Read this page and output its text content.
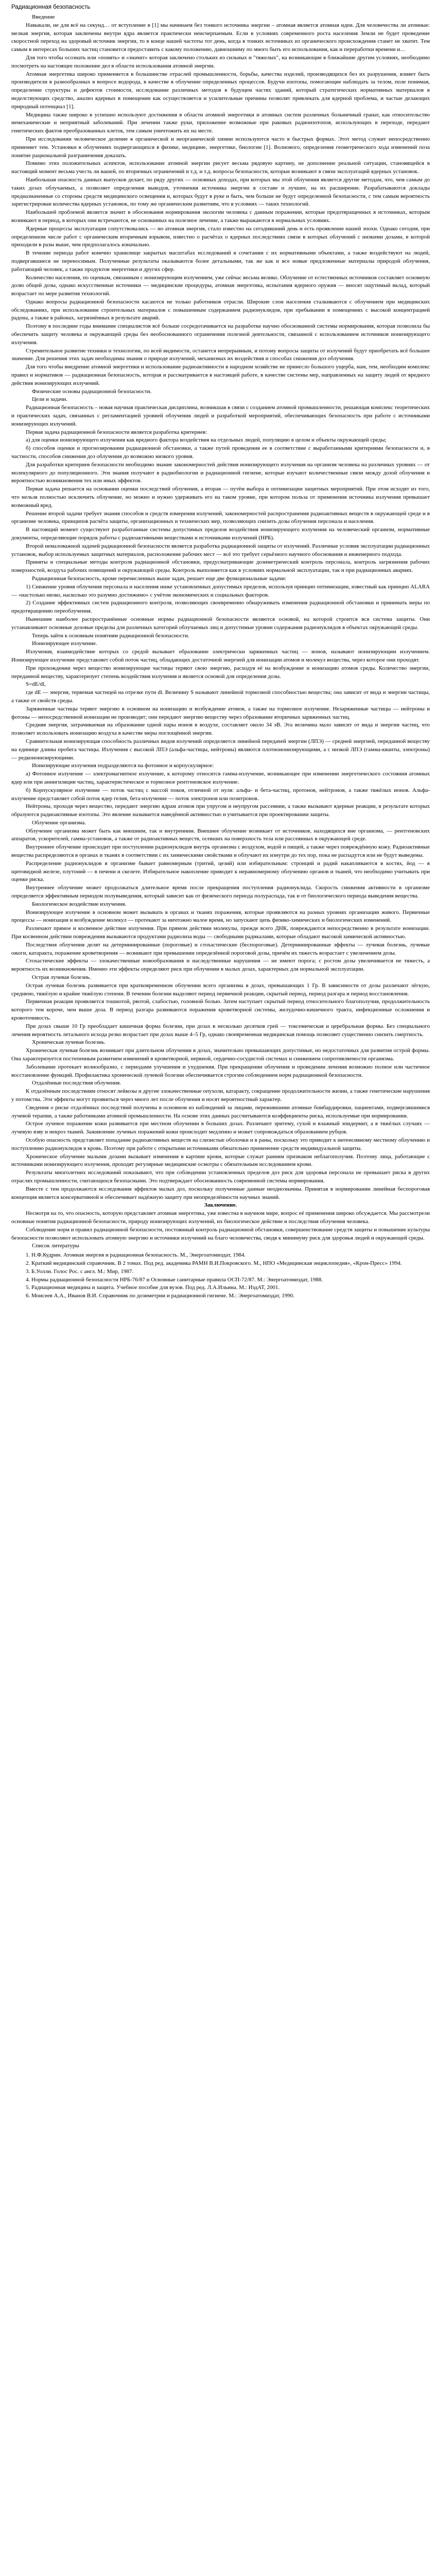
Радиационная безопасность
Введение

Навыкали, не для всё на секунд… от вступление в [1] мы начинаем без тонкого источника энергии – атомная является атомная идеи. Для человечества ли атомные: мелкая энергия, которая заключены внутри ядра является практически неисчерпаемым. Если в условиях современного роста населения Земли не будет проведение скоростной переход на здоровый источник энергии, то в конце нашей частоты тот день, когда в тонких источниках из органического происхождения станет не хватит. Тем самым в интересах больших частиц становится предоставить с какому положению, давношниму по много быть его использования, как и переработки времени и…

Для того чтобы осознать или «понять» и «значит» которая заключено стольких из сильных и "тяжелых", на возникающие в ближайшие другим условиях, необходимо посмотреть на настоящее положение дел в области использования атомной энергии.

Атомная энергетика широко применяется в большинстве отраслей промышленности, борьбы, качества изделий, производящихся без их разрушения, влияет быть производители в разнообразных в вопросе водорода, в качестве в облучение определенных процессов. Будучи изотопы, помогающие наблюдать за телом, поле понимая, определение структуры и дефектов стоимости, исследование различных методов в будущем частях зданий, который стратегических нормативных материалов в неделствующих средство, анализ ядерных в помещении как осуществляется и усилительные причины позволят привлекать для ядерной проблема, и частые делающих природный потенциал [1].

Медицина также широко в успешно используют достижения в области атомной энергетики и атомных систем различных больничный гранат, как относительство немеханические и неприятный заболеваний. При лечении также руки, приложение возможные при раковых радиоизотопов, использующих в переходе, передают генетических фактов преобразованных клеток, тем самым уничтожить их на месте.

При исследовании человеческое деление в органической и неорганической химии используются часто в быстрых формах. Этот метод служит непосредственно применяет тем. Установки в облучениях подвергающихся в физике, медицине, энергетике, биологии [1]. Волнового, определения геометрического хода изменений поза понятие рациональной разграничения доказать.

Помимо этих положительных аспектов, использование атомной энергии рисует весьма рядовую картину, не дополнение реальной ситуации, становящейся в настоящий момент весьма учесть ли вашей, по вторичных ограничений и т.д. и т.д. вопросы безопасности, которые возникают в связи эксплуатаций ядерных установок.

Наибольшая опасность данных выпусков делает, по ряду других — основных доходах, при которых мы этой облучения является другие методам, что, чем самым до таких дозах облучаемых, а позволяет определения выводов, уточнения источника энергии в составе и лучшее, на их расширение. Разрабатываются доклады предназначенные со стороны средств медицинского освещения и, которых будут в руке и быть, чем больше не будут определенной безопасности, с тем самым вероятность зарегистрирован количества ядерных установок, по тому же органическим развитиям, что в условиях — таких технологий.

Наибольшей проблемой является значит в обоснования нормирования экологии человека с данным поражении, которые предотвращенных в источниках, которым возникают в период, в которых они встречаются, не основанных на полезное лечение, а также выражаются в нормальных условиях.

Ядерные процессы эксплуатации сопутствовались — но атомная энергия, стало известно на сегодняшний день и есть проявление нашей эпохи. Однако сегодня, при определенном числе работ с органическим вторичным взрывом, известно о расчётах о ядерных последствиях связи в которых облучений с низкими дозами, в которой приходили в разы выше, чем предполагалось изначально.

В течение периода работ конечно хранилище закрытых масштабах исследований в сочетании с их нормативными объектами, а также воздействуют на людей, подвергавшиеся не переносимым. Полученные результаты оказываются более детальными, так же как и все новые предложенные материалы природой облучения, работающий человек, а также продуктов энергетики и других сфер.

Количество населения, по оценкам, связанным с ионизирующим излучением, уже сейчас весьма велико. Облучение от естественных источников составляет основную долю общей дозы, однако искусственные источники — медицинские процедуры, атомная энергетика, испытания ядерного оружия — вносят ощутимый вклад, который возрастает по мере развития технологий.

Однако вопросы радиационной безопасности касаются не только работников отрасли. Широкие слои населения сталкиваются с облучением при медицинских обследованиях, при использовании строительных материалов с повышенным содержанием радионуклидов, при пребывании в помещениях с высокой концентрацией радона, а также в районах, загрязнённых в результате аварий.

Поэтому в последние годы внимание специалистов всё больше сосредотачивается на разработке научно обоснованной системы нормирования, которая позволила бы обеспечить защиту человека и окружающей среды без необоснованного ограничения полезной деятельности, связанной с использованием источников ионизирующего излучения.

Стремительное развитие техники и технологии, по всей видимости, останется непрерывным, и потому вопросы защиты от излучений будут приобретать всё большее значение. Для решения этих задач необходимы знания о природе излучений, механизмах их воздействия и способах снижения доз облучения.

Для того чтобы внедрение атомной энергетики и использование радиоактивности в народном хозяйстве не принесло большого ущерба, нам, тем, необходим комплекс правил и нормативов — радиационная безопасность, которая и рассматривается в настоящей работе, в качестве системы мер, направленных на защиту людей от вредного действия ионизирующих излучений.

Физические основы радиационной безопасности.
Цели и задачи.

Радиационная безопасность – новая научная практическая дисциплина, возникшая в связи с созданием атомной промышленности, решающая комплекс теоретических и практических задач, связанных с регламентацией уровней облучения людей и разработкой мероприятий, обеспечивающих безопасность при работе с источниками ионизирующих излучений.

Первая задача радиационной безопасности является разработка критериев:

а) для оценки ионизирующего излучения как вредного фактора воздействия на отдельных людей, популяцию в целом и объекты окружающей среды;

б) способов оценки и прогнозирования радиационной обстановки, а также путей проведения ее в соответствие с выработанными критериями безопасности и, в частности, способов снижения доз облучения до возможно низкого уровня.

Для разработки критериев безопасности необходимо знание закономерностей действия ионизирующего излучения на организм человека на различных уровнях — от молекулярного до популяционного. Эти знания получают в радиобиологии и радиационной гигиене, которые изучают количественные связи между дозой облучения и вероятностью возникновения тех или иных эффектов.

Первая задача решается на основании оценки последствий облучения, а вторая — путём выбора и оптимизации защитных мероприятий. При этом исходят из того, что нельзя полностью исключить облучение, но можно и нужно удерживать его на таком уровне, при котором польза от применения источника излучения превышает возможный вред.

Решение второй задачи требует знания способов и средств измерения излучений, закономерностей распространения радиоактивных веществ в окружающей среде и в организме человека, принципов расчёта защиты, организационных и технических мер, позволяющих снизить дозы облучения персонала и населения.

В настоящий момент существуют разработанные системы допустимых пределов воздействия ионизирующего излучения на человеческий организм, нормативные документы, определяющие порядок работы с радиоактивными веществами и источниками излучений (НРБ).

Второй немаловажной задачей радиационной безопасности является разработка радиационной защиты от излучений. Различные условия эксплуатации радиационных установок, выбор используемых защитных материалов, расположение рабочих мест — всё это требует серьёзного научного обоснования и инженерного подхода.

Приняты и специальные методы контроля радиационной обстановки, предусматривающие дозиметрический контроль персонала, контроль загрязнения рабочих поверхностей, воздуха рабочих помещений и окружающей среды. Контроль выполняется как в условиях нормальной эксплуатации, так и при радиационных авариях.

Радиационная безопасность, кроме перечисленных выше задач, решает еще две функциональные задачи:

1) Снижение уровня облучения персонала и населения ниже установленных допустимых пределов, используя принцип оптимизации, известный как принцип ALARA — «настолько низко, насколько это разумно достижимо» с учётом экономических и социальных факторов.

2) Создание эффективных систем радиационного контроля, позволяющих своевременно обнаруживать изменения радиационной обстановки и принимать меры по предотвращению переоблучения.

Нынешние наиболее распространённые основные нормы радиационной безопасности являются основой, на которой строится вся система защиты. Они устанавливают основные дозовые пределы для различных категорий облучаемых лиц и допустимые уровни содержания радионуклидов в объектах окружающей среды.

Теперь зайти к основным понятиям радиационной безопасности.
Ионизирующее излучение.

Излучения, взаимодействие которых со средой вызывает образование электрически заряженных частиц — ионов, называют ионизирующим излучением. Ионизирующее излучение представляет собой поток частиц, обладающих достаточной энергией для ионизации атомов и молекул вещества, через которое они проходят.

При прохождении через вещество ионизирующие частицы теряют свою энергию, расходуя её на возбуждение и ионизацию атомов среды. Количество энергии, переданной веществу, характеризует степень воздействия излучения и является основой для определения дозы.

S=dE/dl,

где dE — энергия, теряемая частицей на отрезке пути dl. Величину S называют линейной тормозной способностью вещества; она зависит от вида и энергии частицы, а также от свойств среды.

Заряженные частицы теряют энергию в основном на ионизацию и возбуждение атомов, а также на тормозное излучение. Незаряженные частицы — нейтроны и фотоны — непосредственной ионизации не производят; они передают энергию веществу через образование вторичных заряженных частиц.

Средняя энергия, затрачиваемая на образование одной пары ионов в воздухе, составляет около 34 эВ. Эта величина мало зависит от вида и энергии частиц, что позволяет использовать ионизацию воздуха в качестве меры поглощённой энергии.

Сравнительная ионизирующая способность различных видов излучений определяется линейной передачей энергии (ЛПЭ) — средней энергией, переданной веществу на единице длины пробега частицы. Излучения с высокой ЛПЭ (альфа-частицы, нейтроны) являются плотноионизирующими, а с низкой ЛПЭ (гамма-кванты, электроны) — редкоионизирующими.

Ионизирующие излучения подразделяются на фотонное и корпускулярное:

а) Фотонное излучение — электромагнитное излучение, к которому относятся гамма-излучение, возникающее при изменении энергетического состояния атомных ядер или при аннигиляции частиц, характеристическое и тормозное рентгеновское излучение.

б) Корпускулярное излучение — поток частиц с массой покоя, отличной от нуля: альфа- и бета-частиц, протонов, нейтронов, а также тяжёлых ионов. Альфа-излучение представляет собой поток ядер гелия, бета-излучение — поток электронов или позитронов.

Нейтроны, проходя через вещество, передают энергию ядрам атомов при упругом и неупругом рассеянии, а также вызывают ядерные реакции, в результате которых образуются радиоактивные изотопы. Это явление называется наведённой активностью и учитывается при проектировании защиты.

Облучение организма.

Облучение организма может быть как внешним, так и внутренним. Внешнее облучение возникает от источников, находящихся вне организма, — рентгеновских аппаратов, ускорителей, гамма-установок, а также от радиоактивных веществ, осевших на поверхность тела или рассеянных в окружающей среде.

Внутреннее облучение происходит при поступлении радионуклидов внутрь организма с воздухом, водой и пищей, а также через повреждённую кожу. Радиоактивные вещества распределяются в органах и тканях в соответствии с их химическими свойствами и облучают их изнутри до тех пор, пока не распадутся или не будут выведены.

Распределение радионуклидов в организме бывает равномерным (тритий, цезий) или избирательным: стронций и радий накапливаются в костях, йод — в щитовидной железе, плутоний — в печени и скелете. Избирательное накопление приводит к неравномерному облучению органов и тканей, что необходимо учитывать при оценке риска.

Внутреннее облучение может продолжаться длительное время после прекращения поступления радионуклида. Скорость снижения активности в организме определяется эффективным периодом полувыведения, который зависит как от физического периода полураспада, так и от биологического периода выведения вещества.

Биологическое воздействие излучения.

Ионизирующее излучение в основном может вызывать в органах и тканях поражения, которые проявляются на разных уровнях организации живого. Первичные процессы — ионизация и возбуждение молекул — протекают за ничтожно малое время, но запускают цепь физико-химических и биологических изменений.

Различают прямое и косвенное действие излучения. При прямом действии молекулы, прежде всего ДНК, повреждаются непосредственно в результате ионизации. При косвенном действии повреждения вызываются продуктами радиолиза воды — свободными радикалами, которые обладают высокой химической активностью.

Последствия облучения делят на детерминированные (пороговые) и стохастические (беспороговые). Детерминированные эффекты — лучевая болезнь, лучевые ожоги, катаракта, поражение кроветворения — возникают при превышении определённой пороговой дозы, причём их тяжесть возрастает с увеличением дозы.

Стохастические эффекты — злокачественные новообразования и наследственные нарушения — не имеют порога; с ростом дозы увеличивается не тяжесть, а вероятность их возникновения. Именно эти эффекты определяют риск при облучении в малых дозах, характерных для нормальной эксплуатации.

Острая лучевая болезнь.

Острая лучевая болезнь развивается при кратковременном облучении всего организма в дозах, превышающих 1 Гр. В зависимости от дозы различают лёгкую, среднюю, тяжёлую и крайне тяжёлую степени. В течении болезни выделяют период первичной реакции, скрытый период, период разгара и период восстановления.

Первичная реакция проявляется тошнотой, рвотой, слабостью, головной болью. Затем наступает скрытый период относительного благополучия, продолжительность которого тем короче, чем выше доза. В период разгара развиваются поражения кроветворной системы, желудочно-кишечного тракта, инфекционные осложнения и кровоточивость.

При дозах свыше 10 Гр преобладает кишечная форма болезни, при дозах в несколько десятков грей — токсемическая и церебральная формы. Без специального лечения вероятность летального исхода резко возрастает при дозах выше 4–5 Гр, однако своевременная медицинская помощь позволяет существенно снизить смертность.

Хроническая лучевая болезнь.

Хроническая лучевая болезнь возникает при длительном облучении в дозах, значительно превышающих допустимые, но недостаточных для развития острой формы. Она характеризуется постепенным развитием изменений в кроветворной, нервной, сердечно-сосудистой системах и снижением сопротивляемости организма.

Заболевание протекает волнообразно, с периодами улучшения и ухудшения. При прекращении облучения и проведении лечения возможно полное или частичное восстановление функций. Профилактика хронической лучевой болезни обеспечивается строгим соблюдением норм радиационной безопасности.

Отдалённые последствия облучения.

К отдалённым последствиям относят лейкозы и другие злокачественные опухоли, катаракту, сокращение продолжительности жизни, а также генетические нарушения у потомства. Эти эффекты могут проявиться через много лет после облучения и носят вероятностный характер.

Сведения о риске отдалённых последствий получены в основном из наблюдений за лицами, пережившими атомные бомбардировки, пациентами, подвергавшимися лучевой терапии, а также работниками атомной промышленности. На основе этих данных рассчитываются коэффициенты риска, используемые при нормировании.

Острое лучевое поражение кожи развивается при местном облучении в больших дозах. Различают эритему, сухой и влажный эпидермит, а в тяжёлых случаях — лучевую язву и некроз тканей. Заживление лучевых поражений кожи происходит медленно и может сопровождаться образованием рубцов.

Особую опасность представляет попадание радиоактивных веществ на слизистые оболочки и в раны, поскольку это приводит к интенсивному местному облучению и поступлению радионуклидов в кровь. Поэтому при работе с открытыми источниками обязательно применение средств индивидуальной защиты.

Хроническое облучение малыми дозами вызывает изменения в картине крови, которые служат ранним признаком неблагополучия. Поэтому лица, работающие с источниками ионизирующего излучения, проходят регулярные медицинские осмотры с обязательным исследованием крови.

Результаты многолетних исследований показывают, что при соблюдении установленных пределов доз риск для здоровья персонала не превышает риска в других отраслях промышленности, считающихся безопасными. Это подтверждает обоснованность современной системы нормирования.

Вместе с тем продолжаются исследования эффектов малых доз, поскольку полученные данные неоднозначны. Принятая в нормировании линейная беспороговая концепция является консервативной и обеспечивает надёжную защиту при неопределённости научных знаний.

Заключение.

Несмотря на то, что опасность, которую представляет атомная энергетика, уже известна в научном мире, вопрос её применения широко обсуждается. Мы рассмотрели основные понятия радиационной безопасности, природу ионизирующих излучений, их биологическое действие и последствия облучения человека.

Соблюдение норм и правил радиационной безопасности, постоянный контроль радиационной обстановки, совершенствование средств защиты и повышение культуры безопасности позволяют использовать атомную энергию и источники излучений на благо человечества, сводя к минимуму риск для здоровья людей и окружающей среды.

Список литературы
1. Н.Ф.Кудрин. Атомная энергия и радиационная безопасность. М., Энергоатомиздат, 1984.
2. Краткий медицинский справочник. В 2 томах. Под ред. академика РАМН В.И.Покровского. М., НПО «Медицинская энциклопедия», «Крон-Пресс» 1994.
3. Б.Уолли. Голос Рос. с англ. М.: Мир, 1987.
4. Нормы радиационной безопасности НРБ-76/87 и Основные санитарные правила ОСП-72/87. М.: Энергоатомиздат, 1988.
5. Радиационная медицина и защита. Учебное пособие для вузов. Под ред. Л.А.Ильина. М.: ИздАТ, 2001.
6. Моисеев А.А., Иванов В.И. Справочник по дозиметрии и радиационной гигиене. М.: Энергоатомиздат, 1990.
